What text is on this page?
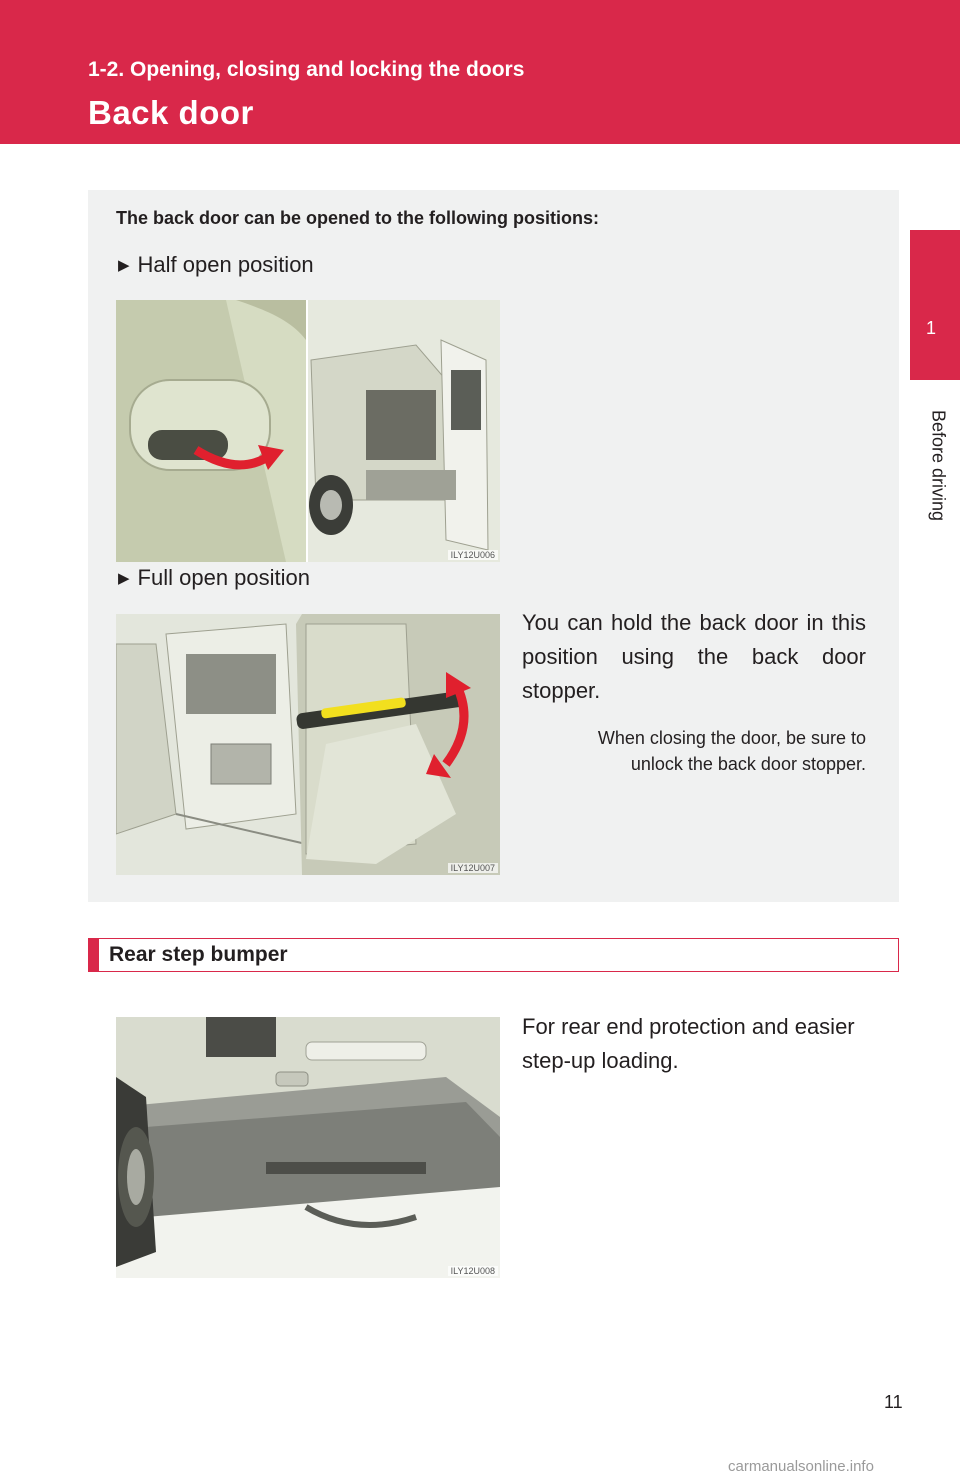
1-2. Opening, closing and locking the doors
Back door
1
Before driving
The back door can be opened to the following positions:
▶ Half open position
ILY12U006
▶ Full open position
ILY12U007
You can hold the back door in this position using the back door stopper.
When closing the door, be sure to unlock the back door stopper.
Rear step bumper
ILY12U008
For rear end protection and easier step-up loading.
11
carmanualsonline.info
